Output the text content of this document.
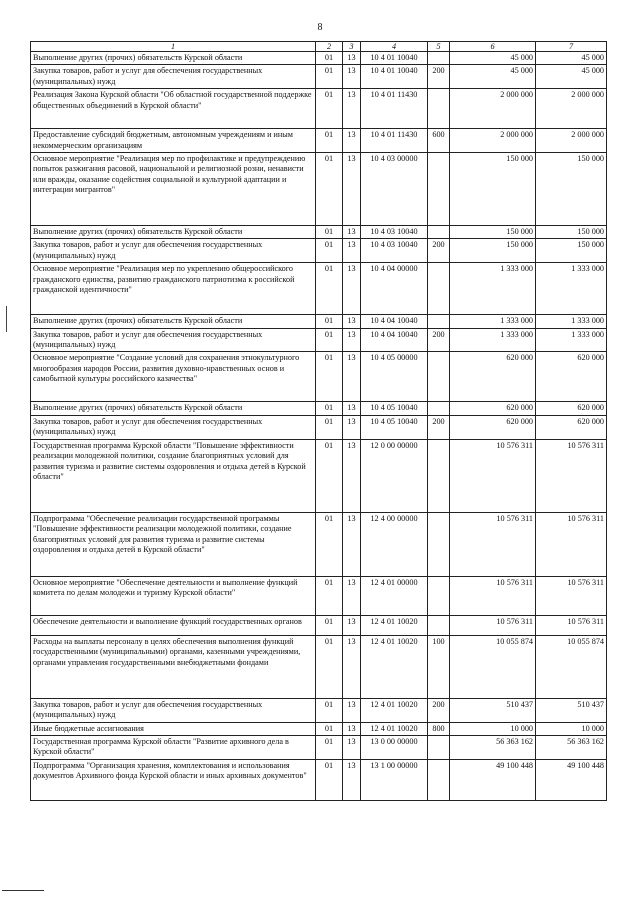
8
1	2	3	4	5	6	7
Выполнение других (прочих) обязательств Курской области	01	13	10 4 01 10040		45 000	45 000
Закупка товаров, работ и услуг для обеспечения государственных (муниципальных) нужд	01	13	10 4 01 10040	200	45 000	45 000
Реализация Закона Курской области "Об областной государственной поддержке общественных объединений в Курской области"	01	13	10 4 01 11430		2 000 000	2 000 000
Предоставление субсидий бюджетным, автономным учреждениям и иным некоммерческим организациям	01	13	10 4 01 11430	600	2 000 000	2 000 000
Основное мероприятие "Реализация мер по профилактике и предупреждению попыток разжигания расовой, национальной и религиозной розни, ненависти или вражды, оказание содействия социальной и культурной адаптации и интеграции мигрантов"	01	13	10 4 03 00000		150 000	150 000
Выполнение других (прочих) обязательств Курской области	01	13	10 4 03 10040		150 000	150 000
Закупка товаров, работ и услуг для обеспечения государственных (муниципальных) нужд	01	13	10 4 03 10040	200	150 000	150 000
Основное мероприятие "Реализация мер по укреплению общероссийского гражданского единства, развитию гражданского патриотизма к российской гражданской идентичности"	01	13	10 4 04 00000		1 333 000	1 333 000
Выполнение других (прочих) обязательств Курской области	01	13	10 4 04 10040		1 333 000	1 333 000
Закупка товаров, работ и услуг для обеспечения государственных (муниципальных) нужд	01	13	10 4 04 10040	200	1 333 000	1 333 000
Основное мероприятие "Создание условий для сохранения этнокультурного многообразия народов России, развития духовно-нравственных основ и самобытной культуры российского казачества"	01	13	10 4 05 00000		620 000	620 000
Выполнение других (прочих) обязательств Курской области	01	13	10 4 05 10040		620 000	620 000
Закупка товаров, работ и услуг для обеспечения государственных (муниципальных) нужд	01	13	10 4 05 10040	200	620 000	620 000
Государственная программа Курской области "Повышение эффективности реализации молодежной политики, создание благоприятных условий для развития туризма и развитие системы оздоровления и отдыха детей в Курской области"	01	13	12 0 00 00000		10 576 311	10 576 311
Подпрограмма "Обеспечение реализации государственной программы "Повышение эффективности реализации молодежной политики, создание благоприятных условий для развития туризма и развитие системы оздоровления и отдыха детей в Курской области"	01	13	12 4 00 00000		10 576 311	10 576 311
Основное мероприятие "Обеспечение деятельности и выполнение функций комитета по делам молодежи и туризму Курской области"	01	13	12 4 01 00000		10 576 311	10 576 311
Обеспечение деятельности и выполнение функций государственных органов	01	13	12 4 01 10020		10 576 311	10 576 311
Расходы на выплаты персоналу в целях обеспечения выполнения функций государственными (муниципальными) органами, казенными учреждениями, органами управления государственными внебюджетными фондами	01	13	12 4 01 10020	100	10 055 874	10 055 874
Закупка товаров, работ и услуг для обеспечения государственных (муниципальных) нужд	01	13	12 4 01 10020	200	510 437	510 437
Иные бюджетные ассигнования	01	13	12 4 01 10020	800	10 000	10 000
Государственная программа Курской области "Развитие архивного дела в Курской области"	01	13	13 0 00 00000		56 363 162	56 363 162
Подпрограмма "Организация хранения, комплектования и использования документов Архивного фонда Курской области и иных архивных документов"	01	13	13 1 00 00000		49 100 448	49 100 448
